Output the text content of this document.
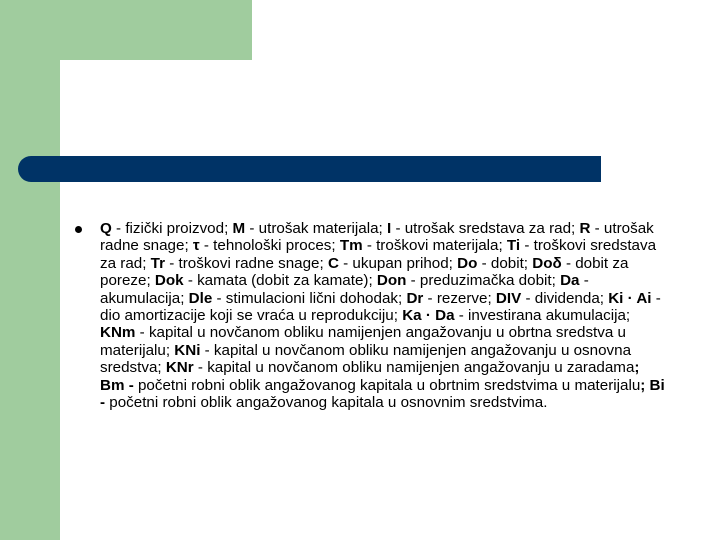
Q - fizički proizvod; M - utrošak materijala; I - utrošak sredstava za rad; R - utrošak radne snage; τ - tehnološki proces; Tm - troškovi materijala; Ti - troškovi sredstava za rad; Tr - troškovi radne snage; C - ukupan prihod; Do - dobit; Doδ - dobit za poreze; Dok - kamata (dobit za kamate); Don - preduzimačka dobit; Da - akumulacija; Dle - stimulacioni lični dohodak; Dr - rezerve; DIV - dividenda; Ki · Ai - dio amortizacije koji se vraća u reprodukciju; Ka · Da - investirana akumulacija; KNm - kapital u novčanom obliku namijenjen angažovanju u obrtna sredstva u materijalu; KNi - kapital u novčanom obliku namijenjen angažovanju u osnovna sredstva; KNr - kapital u novčanom obliku namijenjen angažovanju u zaradama; Bm - početni robni oblik angažovanog kapitala u obrtnim sredstvima u materijalu; Bi - početni robni oblik angažovanog kapitala u osnovnim sredstvima.
